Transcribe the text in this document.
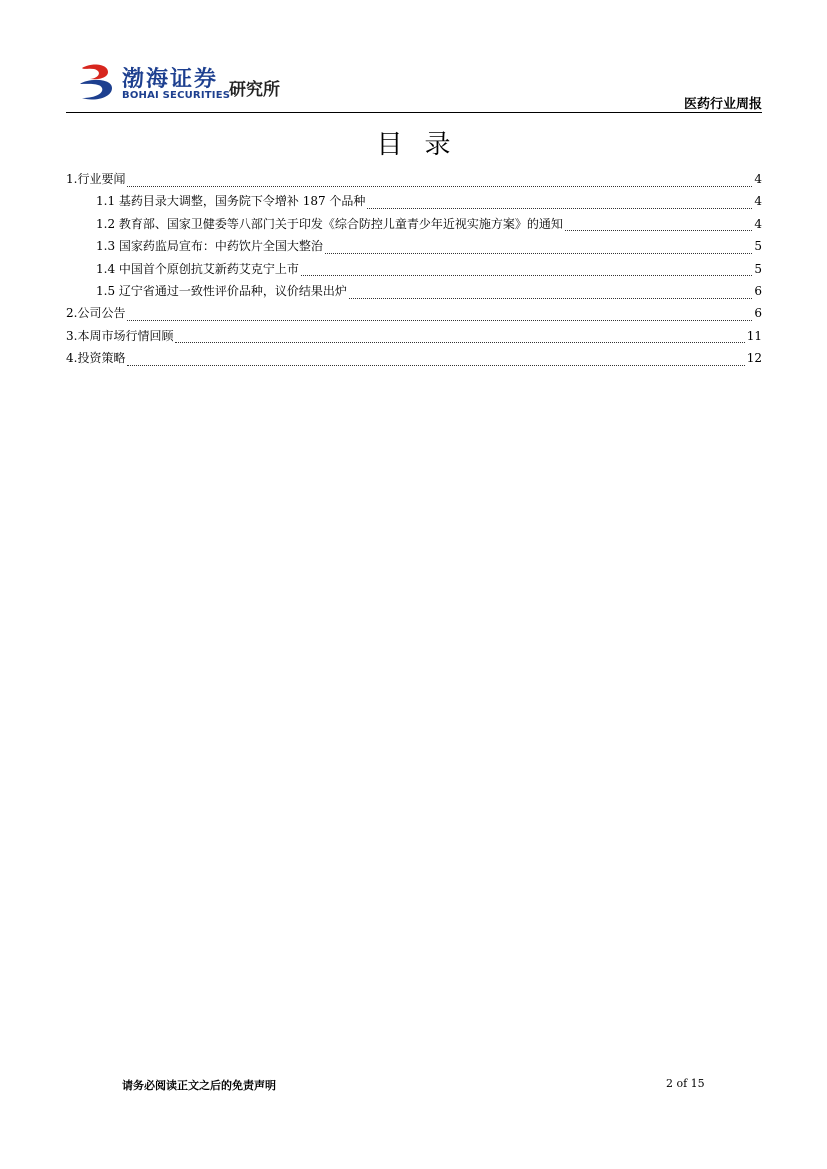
渤海证券
BOHAI SECURITIES
研究所
医药行业周报
目录
1.行业要闻	4
1.1 基药目录大调整，国务院下令增补 187 个品种	4
1.2 教育部、国家卫健委等八部门关于印发《综合防控儿童青少年近视实施方案》的通知	4
1.3 国家药监局宣布：中药饮片全国大整治	5
1.4 中国首个原创抗艾新药艾克宁上市	5
1.5 辽宁省通过一致性评价品种，议价结果出炉	6
2.公司公告	6
3.本周市场行情回顾	11
4.投资策略	12
请务必阅读正文之后的免责声明	2 of 15
